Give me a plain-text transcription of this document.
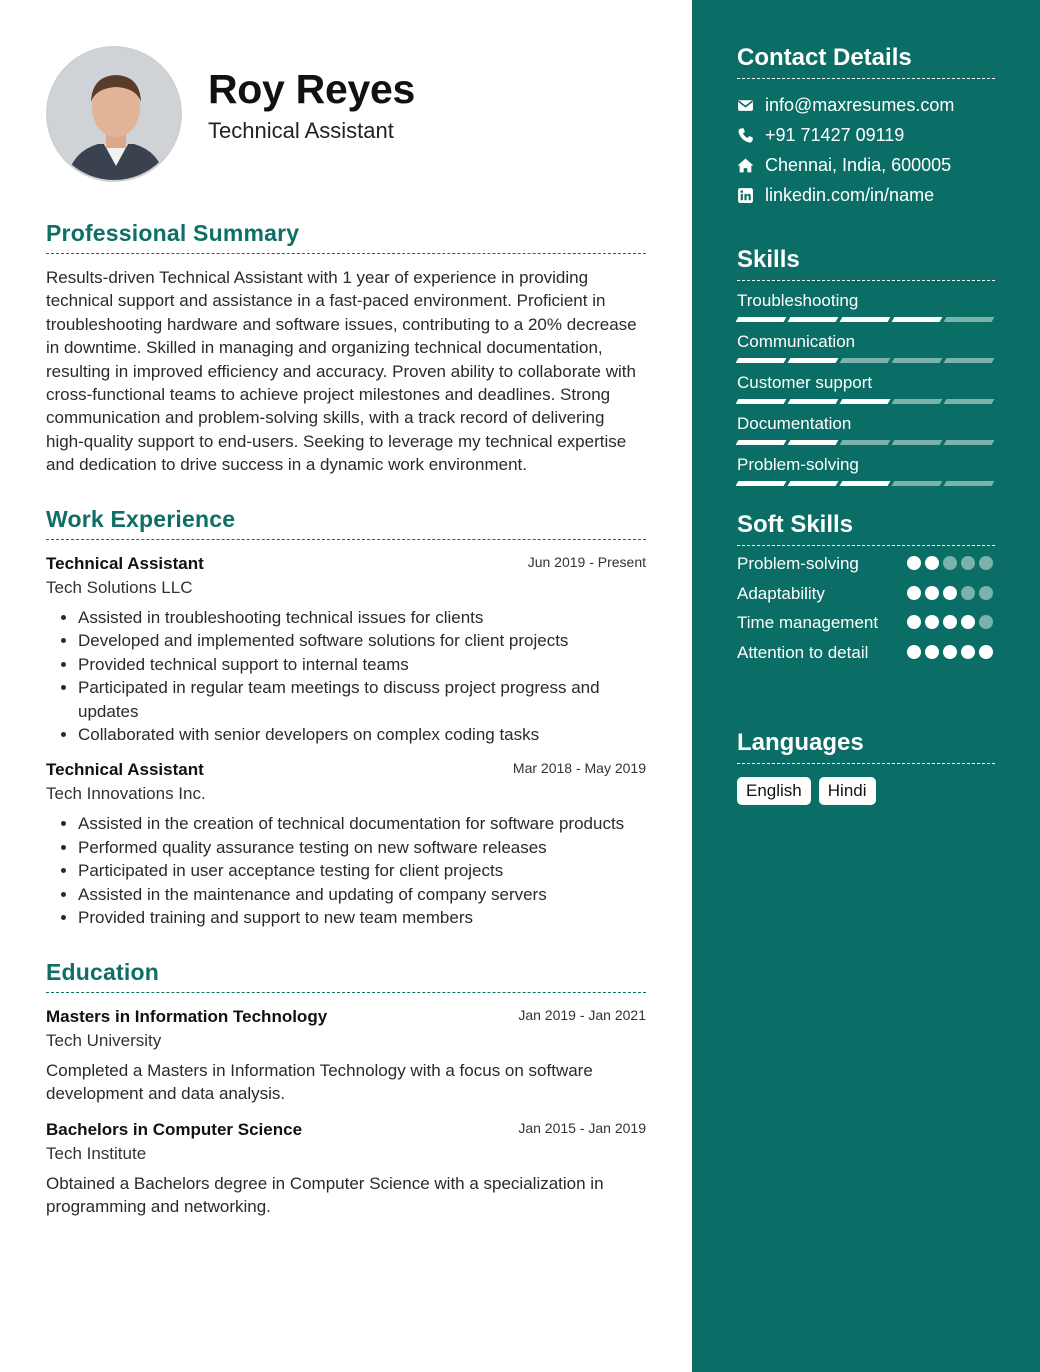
Roy Reyes
Technical Assistant
Professional Summary
Results-driven Technical Assistant with 1 year of experience in providing technical support and assistance in a fast-paced environment. Proficient in troubleshooting hardware and software issues, contributing to a 20% decrease in downtime. Skilled in managing and organizing technical documentation, resulting in improved efficiency and accuracy. Proven ability to collaborate with cross-functional teams to achieve project milestones and deadlines. Strong communication and problem-solving skills, with a track record of delivering high-quality support to end-users. Seeking to leverage my technical expertise and dedication to drive success in a dynamic work environment.
Work Experience
Technical Assistant	Jun 2019 - Present
Tech Solutions LLC
• Assisted in troubleshooting technical issues for clients
• Developed and implemented software solutions for client projects
• Provided technical support to internal teams
• Participated in regular team meetings to discuss project progress and updates
• Collaborated with senior developers on complex coding tasks
Technical Assistant	Mar 2018 - May 2019
Tech Innovations Inc.
• Assisted in the creation of technical documentation for software products
• Performed quality assurance testing on new software releases
• Participated in user acceptance testing for client projects
• Assisted in the maintenance and updating of company servers
• Provided training and support to new team members
Education
Masters in Information Technology	Jan 2019 - Jan 2021
Tech University
Completed a Masters in Information Technology with a focus on software development and data analysis.
Bachelors in Computer Science	Jan 2015 - Jan 2019
Tech Institute
Obtained a Bachelors degree in Computer Science with a specialization in programming and networking.
Contact Details
info@maxresumes.com
+91 71427 09119
Chennai, India, 600005
linkedin.com/in/name
Skills
Troubleshooting
Communication
Customer support
Documentation
Problem-solving
Soft Skills
Problem-solving
Adaptability
Time management
Attention to detail
Languages
English	Hindi
